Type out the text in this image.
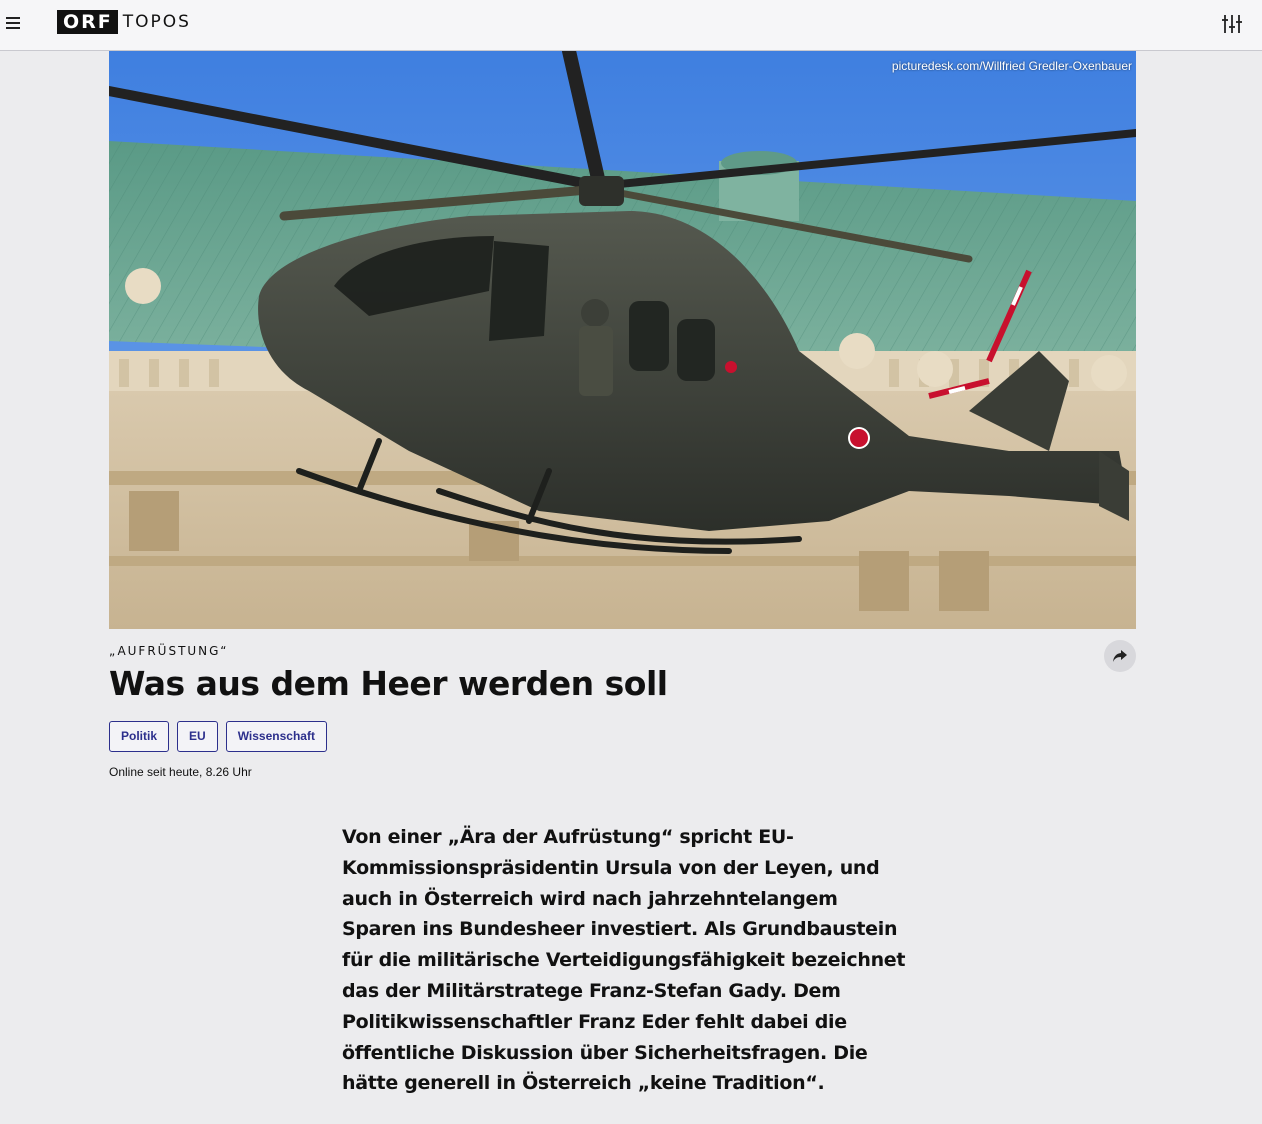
ORF TOPOS
picturedesk.com/Willfried Gredler-Oxenbauer
„AUFRÜSTUNG“
Was aus dem Heer werden soll
Politik	EU	Wissenschaft
Online seit heute, 8.26 Uhr

Von einer „Ära der Aufrüstung“ spricht EU-Kommissionspräsidentin Ursula von der Leyen, und auch in Österreich wird nach jahrzehntelangem Sparen ins Bundesheer investiert. Als Grundbaustein für die militärische Verteidigungsfähigkeit bezeichnet das der Militärstratege Franz-Stefan Gady. Dem Politikwissenschaftler Franz Eder fehlt dabei die öffentliche Diskussion über Sicherheitsfragen. Die hätte generell in Österreich „keine Tradition“.
